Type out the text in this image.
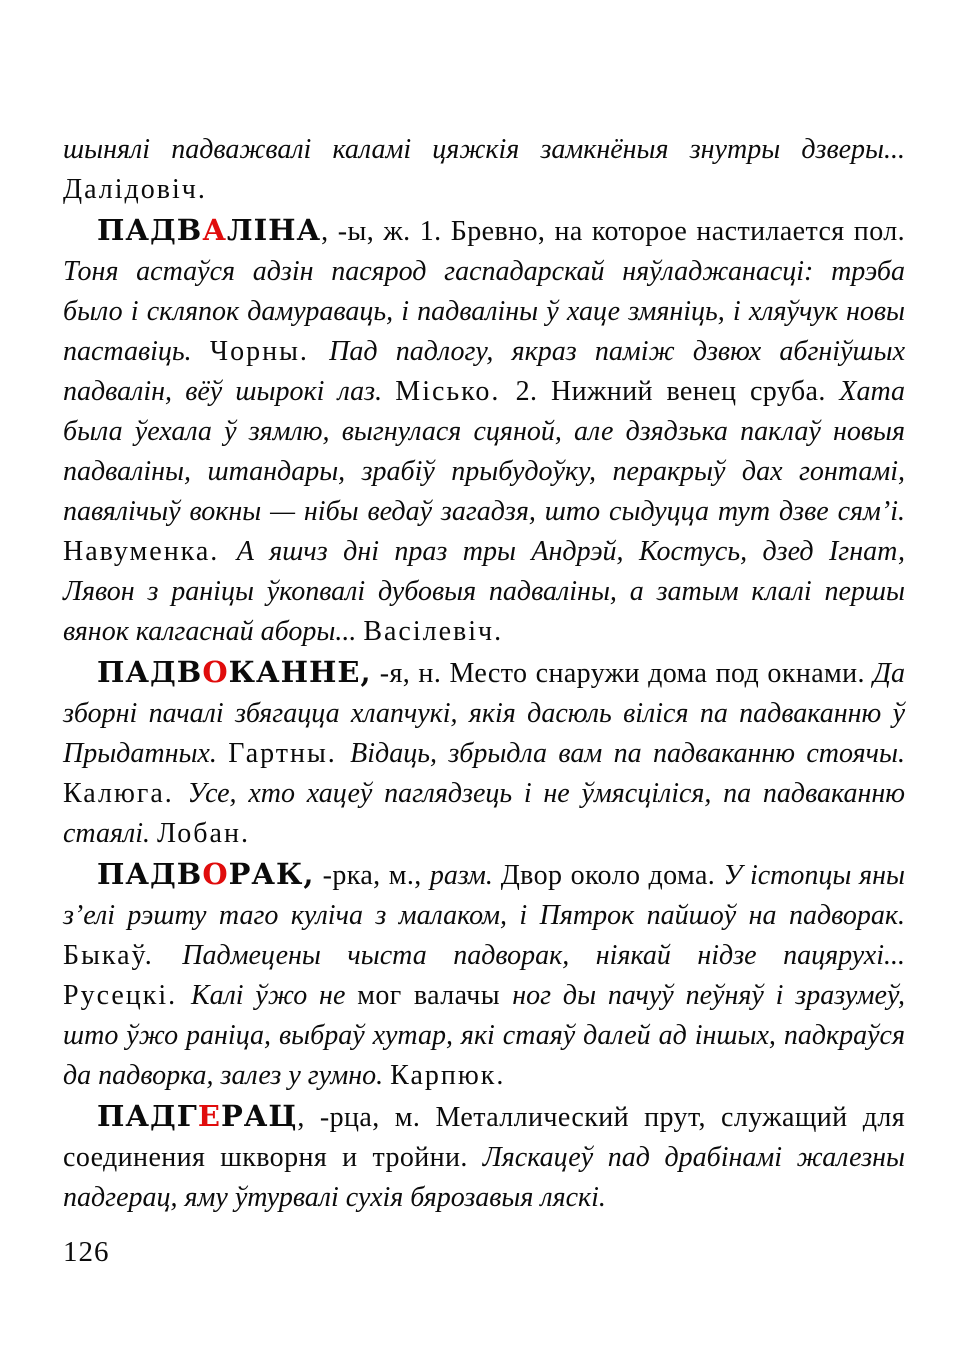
шынялі падважвалі каламі цяжкія замкнёныя знутры дзверы... Далідовіч.

ПАДВАЛІНА, -ы, ж. 1. Бревно, на которое настилается пол. Тоня астаўся адзін пасярод гаспадарскай няўладжанасці: трэба было і скляпок дамураваць, і падваліны ў хаце змяніць, і хляўчук новы паставіць. Чорны. Пад падлогу, якраз паміж дзвюх абгніўшых падвалін, вёў шырокі лаз. Місько. 2. Нижний венец сруба. Хата была ўехала ў зямлю, выгнулася сцяной, але дзядзька паклаў новыя падваліны, штандары, зрабіў прыбудоўку, перакрыў дах гонтамі, павялічыў вокны — нібы ведаў загадзя, што сыдуцца тут дзве сям’і. Навуменка. А яшчз дні праз тры Андрэй, Костусь, дзед Ігнат, Лявон з раніцы ўкопвалі дубовыя падваліны, а затым клалі першы вянок калгаснай аборы... Васілевіч.

ПАДВОКАННЕ, -я, н. Место снаружи дома под окнами. Да зборні пачалі збягацца хлапчукі, якія дасюль віліся па падваканню ў Прыдатных. Гартны. Відаць, збрыдла вам па падваканню стоячы. Калюга. Усе, хто хацеў паглядзець і не ўмясціліся, па падваканню стаялі. Лобан.

ПАДВОРАК, -рка, м., разм. Двор около дома. У істопцы яны з’елі рэшту таго куліча з малаком, і Пятрок пайшоў на падворак. Быкаў. Падмецены чыста падворак, ніякай нідзе пацярухі... Русецкі. Калі ўжо не мог валачы ног ды пачуў пеўняў і зразумеў, што ўжо раніца, выбраў хутар, які стаяў далей ад іншых, падкраўся да падворка, залез у гумно. Карпюк.

ПАДГЕРАЦ, -рца, м. Металлический прут, служащий для соединения шкворня и тройни. Ляскацеў пад драбінамі жалезны падгерац, яму ўтурвалі сухія бярозавыя ляскі.

126
